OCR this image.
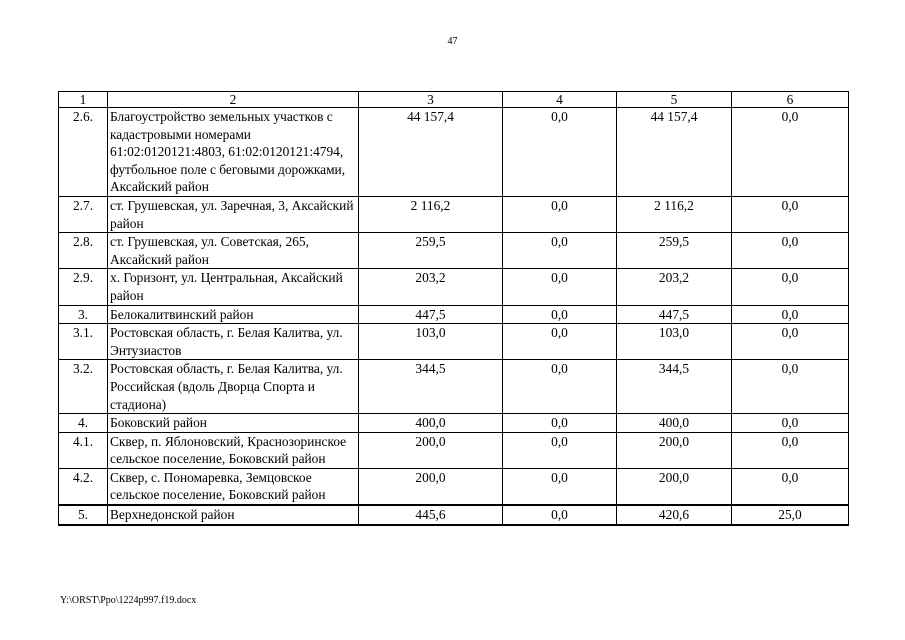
47
1	2	3	4	5	6
2.6.	Благоустройство земельных участков с кадастровыми номерами 61:02:0120121:4803, 61:02:0120121:4794, футбольное поле с беговыми дорожками, Аксайский район	44 157,4	0,0	44 157,4	0,0
2.7.	ст. Грушевская, ул. Заречная, 3, Аксайский район	2 116,2	0,0	2 116,2	0,0
2.8.	ст. Грушевская, ул. Советская, 265, Аксайский район	259,5	0,0	259,5	0,0
2.9.	х. Горизонт, ул. Центральная, Аксайский район	203,2	0,0	203,2	0,0
3.	Белокалитвинский район	447,5	0,0	447,5	0,0
3.1.	Ростовская область, г. Белая Калитва, ул. Энтузиастов	103,0	0,0	103,0	0,0
3.2.	Ростовская область, г. Белая Калитва, ул. Российская (вдоль Дворца Спорта и стадиона)	344,5	0,0	344,5	0,0
4.	Боковский район	400,0	0,0	400,0	0,0
4.1.	Сквер, п. Яблоновский, Краснозоринское сельское поселение, Боковский район	200,0	0,0	200,0	0,0
4.2.	Сквер, с. Пономаревка, Земцовское сельское поселение, Боковский район	200,0	0,0	200,0	0,0
5.	Верхнедонской район	445,6	0,0	420,6	25,0
Y:\ORST\Ppo\1224p997.f19.docx
